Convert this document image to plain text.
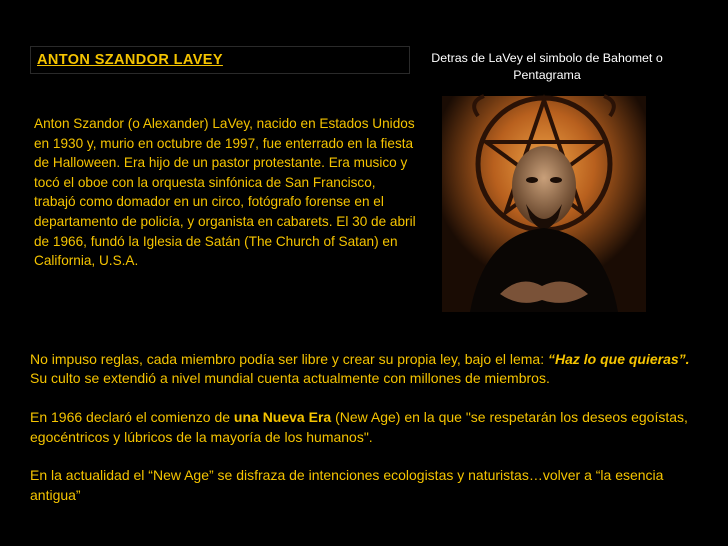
ANTON SZANDOR LAVEY
Anton Szandor (o Alexander) LaVey, nacido en Estados Unidos en 1930 y, murio en octubre de 1997, fue enterrado en la fiesta de Halloween. Era hijo de un pastor protestante. Era musico y tocó el oboe con la orquesta sinfónica de San Francisco, trabajó como domador en un circo, fotógrafo forense en el departamento de policía, y organista en cabarets. El 30 de abril de 1966, fundó la Iglesia de Satán (The Church of Satan) en California, U.S.A.
Detras de LaVey el simbolo de Bahomet o Pentagrama

No impuso reglas, cada miembro podía ser libre y crear su propia ley, bajo el lema: “Haz lo que quieras”. Su culto se extendió a nivel mundial cuenta actualmente con millones de miembros.

En 1966 declaró el comienzo de una Nueva Era (New Age) en la que "se respetarán los deseos egoístas, egocéntricos y lúbricos de la mayoría de los humanos".

En la actualidad el “New Age” se disfraza de intenciones ecologistas y naturistas…volver a “la esencia antigua”
